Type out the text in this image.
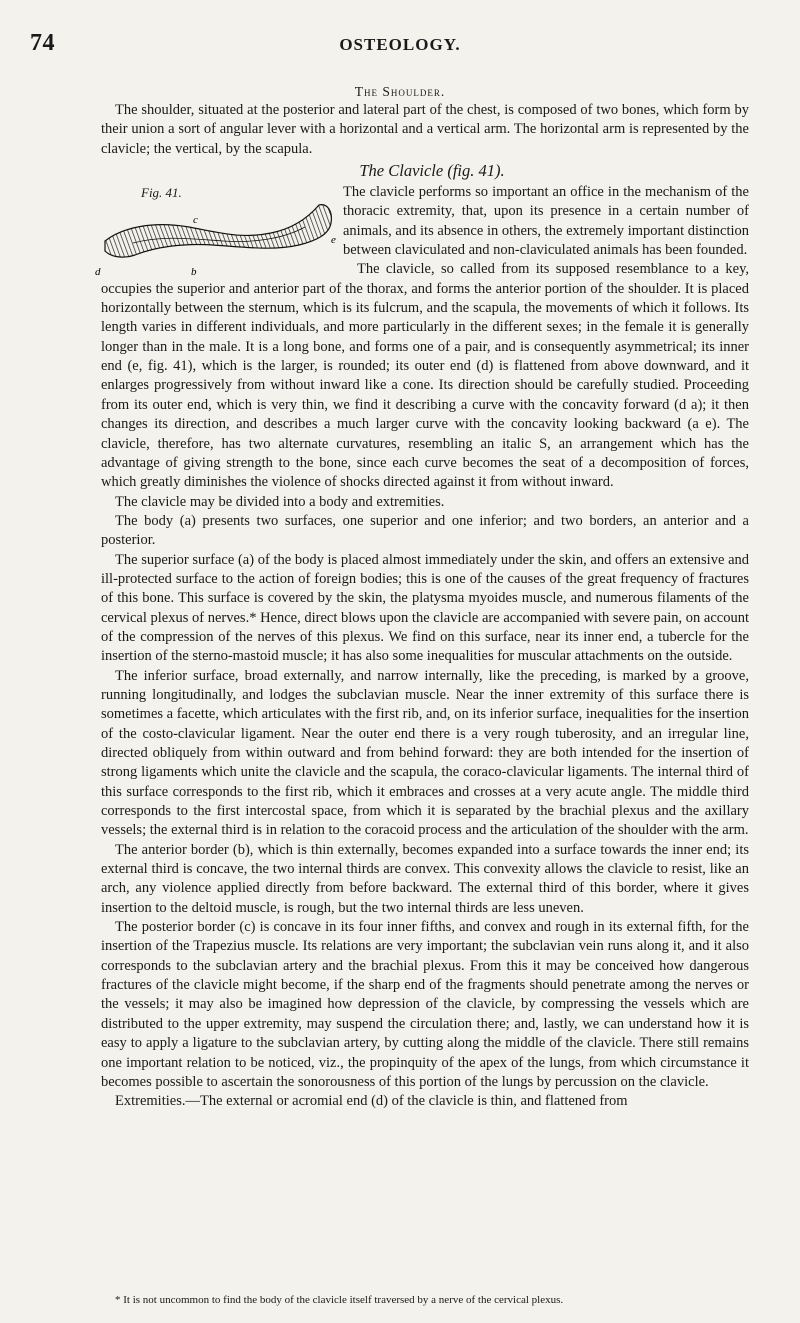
74	OSTEOLOGY.
The Shoulder.

The shoulder, situated at the posterior and lateral part of the chest, is composed of two bones, which form by their union a sort of angular lever with a horizontal and a vertical arm. The horizontal arm is represented by the clavicle; the vertical, by the scapula.

The Clavicle (fig. 41).

Fig. 41.
c
e
d	b

The clavicle performs so important an office in the mechanism of the thoracic extremity, that, upon its presence in a certain number of animals, and its absence in others, the extremely important distinction between claviculated and non-claviculated animals has been founded.

The clavicle, so called from its supposed resemblance to a key, occupies the superior and anterior part of the thorax, and forms the anterior portion of the shoulder. It is placed horizontally between the sternum, which is its fulcrum, and the scapula, the movements of which it follows. Its length varies in different individuals, and more particularly in the different sexes; in the female it is generally longer than in the male. It is a long bone, and forms one of a pair, and is consequently asymmetrical; its inner end (e, fig. 41), which is the larger, is rounded; its outer end (d) is flattened from above downward, and it enlarges progressively from without inward like a cone. Its direction should be carefully studied. Proceeding from its outer end, which is very thin, we find it describing a curve with the concavity forward (d a); it then changes its direction, and describes a much larger curve with the concavity looking backward (a e). The clavicle, therefore, has two alternate curvatures, resembling an italic S, an arrangement which has the advantage of giving strength to the bone, since each curve becomes the seat of a decomposition of forces, which greatly diminishes the violence of shocks directed against it from without inward.

The clavicle may be divided into a body and extremities.

The body (a) presents two surfaces, one superior and one inferior; and two borders, an anterior and a posterior.

The superior surface (a) of the body is placed almost immediately under the skin, and offers an extensive and ill-protected surface to the action of foreign bodies; this is one of the causes of the great frequency of fractures of this bone. This surface is covered by the skin, the platysma myoides muscle, and numerous filaments of the cervical plexus of nerves.* Hence, direct blows upon the clavicle are accompanied with severe pain, on account of the compression of the nerves of this plexus. We find on this surface, near its inner end, a tubercle for the insertion of the sterno-mastoid muscle; it has also some inequalities for muscular attachments on the outside.

The inferior surface, broad externally, and narrow internally, like the preceding, is marked by a groove, running longitudinally, and lodges the subclavian muscle. Near the inner extremity of this surface there is sometimes a facette, which articulates with the first rib, and, on its inferior surface, inequalities for the insertion of the costo-clavicular ligament. Near the outer end there is a very rough tuberosity, and an irregular line, directed obliquely from within outward and from behind forward: they are both intended for the insertion of strong ligaments which unite the clavicle and the scapula, the coraco-clavicular ligaments. The internal third of this surface corresponds to the first rib, which it embraces and crosses at a very acute angle. The middle third corresponds to the first intercostal space, from which it is separated by the brachial plexus and the axillary vessels; the external third is in relation to the coracoid process and the articulation of the shoulder with the arm.

The anterior border (b), which is thin externally, becomes expanded into a surface towards the inner end; its external third is concave, the two internal thirds are convex. This convexity allows the clavicle to resist, like an arch, any violence applied directly from before backward. The external third of this border, where it gives insertion to the deltoid muscle, is rough, but the two internal thirds are less uneven.

The posterior border (c) is concave in its four inner fifths, and convex and rough in its external fifth, for the insertion of the Trapezius muscle. Its relations are very important; the subclavian vein runs along it, and it also corresponds to the subclavian artery and the brachial plexus. From this it may be conceived how dangerous fractures of the clavicle might become, if the sharp end of the fragments should penetrate among the nerves or the vessels; it may also be imagined how depression of the clavicle, by compressing the vessels which are distributed to the upper extremity, may suspend the circulation there; and, lastly, we can understand how it is easy to apply a ligature to the subclavian artery, by cutting along the middle of the clavicle. There still remains one important relation to be noticed, viz., the propinquity of the apex of the lungs, from which circumstance it becomes possible to ascertain the sonorousness of this portion of the lungs by percussion on the clavicle.

Extremities.—The external or acromial end (d) of the clavicle is thin, and flattened from

* It is not uncommon to find the body of the clavicle itself traversed by a nerve of the cervical plexus.
